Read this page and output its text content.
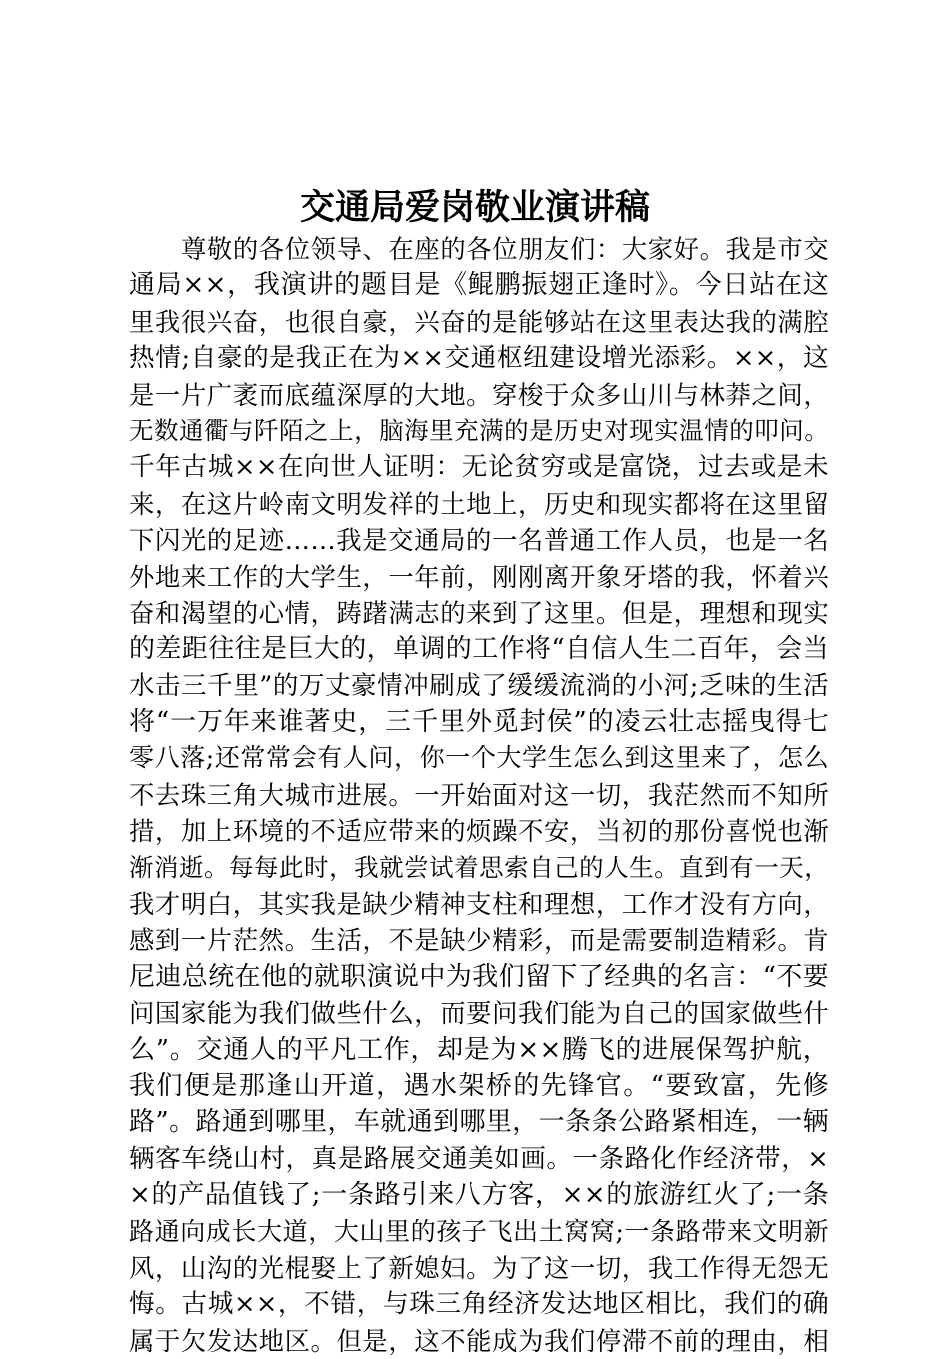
交通局爱岗敬业演讲稿
尊敬的各位领导、在座的各位朋友们：大家好。我是市交
通局××，我演讲的题目是《鲲鹏振翅正逢时》。今日站在这
里我很兴奋，也很自豪，兴奋的是能够站在这里表达我的满腔
热情;自豪的是我正在为××交通枢纽建设增光添彩。××，这
是一片广袤而底蕴深厚的大地。穿梭于众多山川与林莽之间，
无数通衢与阡陌之上，脑海里充满的是历史对现实温情的叩问。
千年古城××在向世人证明：无论贫穷或是富饶，过去或是未
来，在这片岭南文明发祥的土地上，历史和现实都将在这里留
下闪光的足迹……我是交通局的一名普通工作人员，也是一名
外地来工作的大学生，一年前，刚刚离开象牙塔的我，怀着兴
奋和渴望的心情，踌躇满志的来到了这里。但是，理想和现实
的差距往往是巨大的，单调的工作将“自信人生二百年，会当
水击三千里”的万丈豪情冲刷成了缓缓流淌的小河;乏味的生活
将“一万年来谁著史，三千里外觅封侯”的凌云壮志摇曳得七
零八落;还常常会有人问，你一个大学生怎么到这里来了，怎么
不去珠三角大城市进展。一开始面对这一切，我茫然而不知所
措，加上环境的不适应带来的烦躁不安，当初的那份喜悦也渐
渐消逝。每每此时，我就尝试着思索自己的人生。直到有一天，
我才明白，其实我是缺少精神支柱和理想，工作才没有方向，
感到一片茫然。生活，不是缺少精彩，而是需要制造精彩。肯
尼迪总统在他的就职演说中为我们留下了经典的名言：“不要
问国家能为我们做些什么，而要问我们能为自己的国家做些什
么”。交通人的平凡工作，却是为××腾飞的进展保驾护航，
我们便是那逢山开道，遇水架桥的先锋官。“要致富，先修
路”。路通到哪里，车就通到哪里，一条条公路紧相连，一辆
辆客车绕山村，真是路展交通美如画。一条路化作经济带，×
×的产品值钱了;一条路引来八方客，××的旅游红火了;一条
路通向成长大道，大山里的孩子飞出土窝窝;一条路带来文明新
风，山沟的光棍娶上了新媳妇。为了这一切，我工作得无怨无
悔。古城××，不错，与珠三角经济发达地区相比，我们的确
属于欠发达地区。但是，这不能成为我们停滞不前的理由，相
